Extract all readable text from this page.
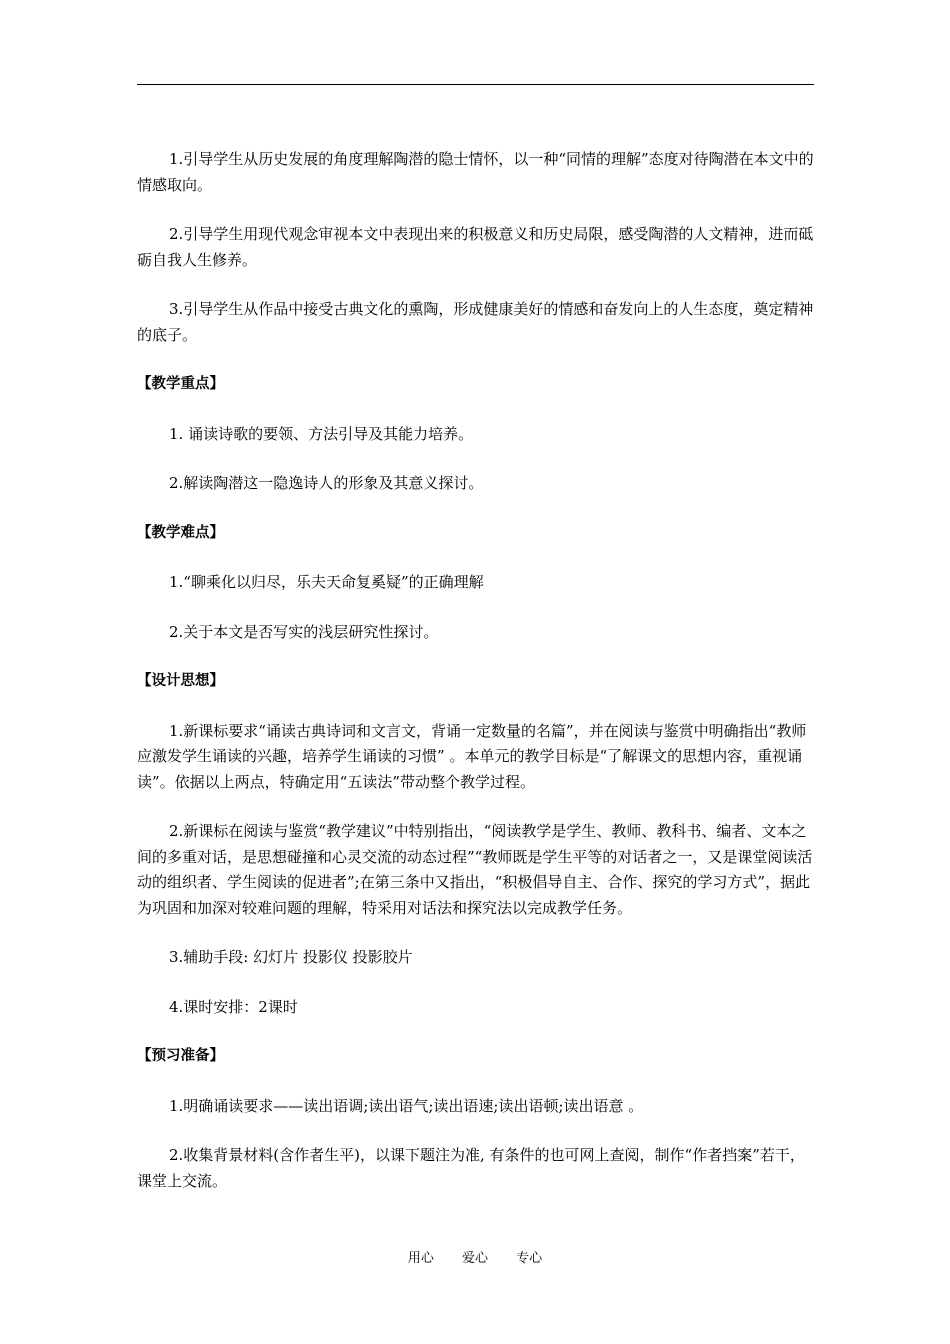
1.引导学生从历史发展的角度理解陶潜的隐士情怀，以一种“同情的理解”态度对待陶潜在本文中的情感取向。

2.引导学生用现代观念审视本文中表现出来的积极意义和历史局限，感受陶潜的人文精神，进而砥砺自我人生修养。

3.引导学生从作品中接受古典文化的熏陶，形成健康美好的情感和奋发向上的人生态度，奠定精神的底子。

【教学重点】

1. 诵读诗歌的要领、方法引导及其能力培养。

2.解读陶潜这一隐逸诗人的形象及其意义探讨。

【教学难点】

1.“聊乘化以归尽，乐夫天命复奚疑”的正确理解

2.关于本文是否写实的浅层研究性探讨。

【设计思想】

1.新课标要求“诵读古典诗词和文言文，背诵一定数量的名篇”，并在阅读与鉴赏中明确指出“教师应激发学生诵读的兴趣，培养学生诵读的习惯” 。本单元的教学目标是“了解课文的思想内容，重视诵读”。依据以上两点，特确定用“五读法”带动整个教学过程。

2.新课标在阅读与鉴赏“教学建议”中特别指出，“阅读教学是学生、教师、教科书、编者、文本之间的多重对话，是思想碰撞和心灵交流的动态过程”“教师既是学生平等的对话者之一，又是课堂阅读活动的组织者、学生阅读的促进者”;在第三条中又指出，“积极倡导自主、合作、探究的学习方式”，据此为巩固和加深对较难问题的理解，特采用对话法和探究法以完成教学任务。

3.辅助手段: 幻灯片 投影仪 投影胶片

4.课时安排：2课时

【预习准备】

1.明确诵读要求——读出语调;读出语气;读出语速;读出语顿;读出语意 。

2.收集背景材料(含作者生平)，以课下题注为准, 有条件的也可网上查阅，制作“作者挡案”若干，课堂上交流。

用心 爱心 专心
